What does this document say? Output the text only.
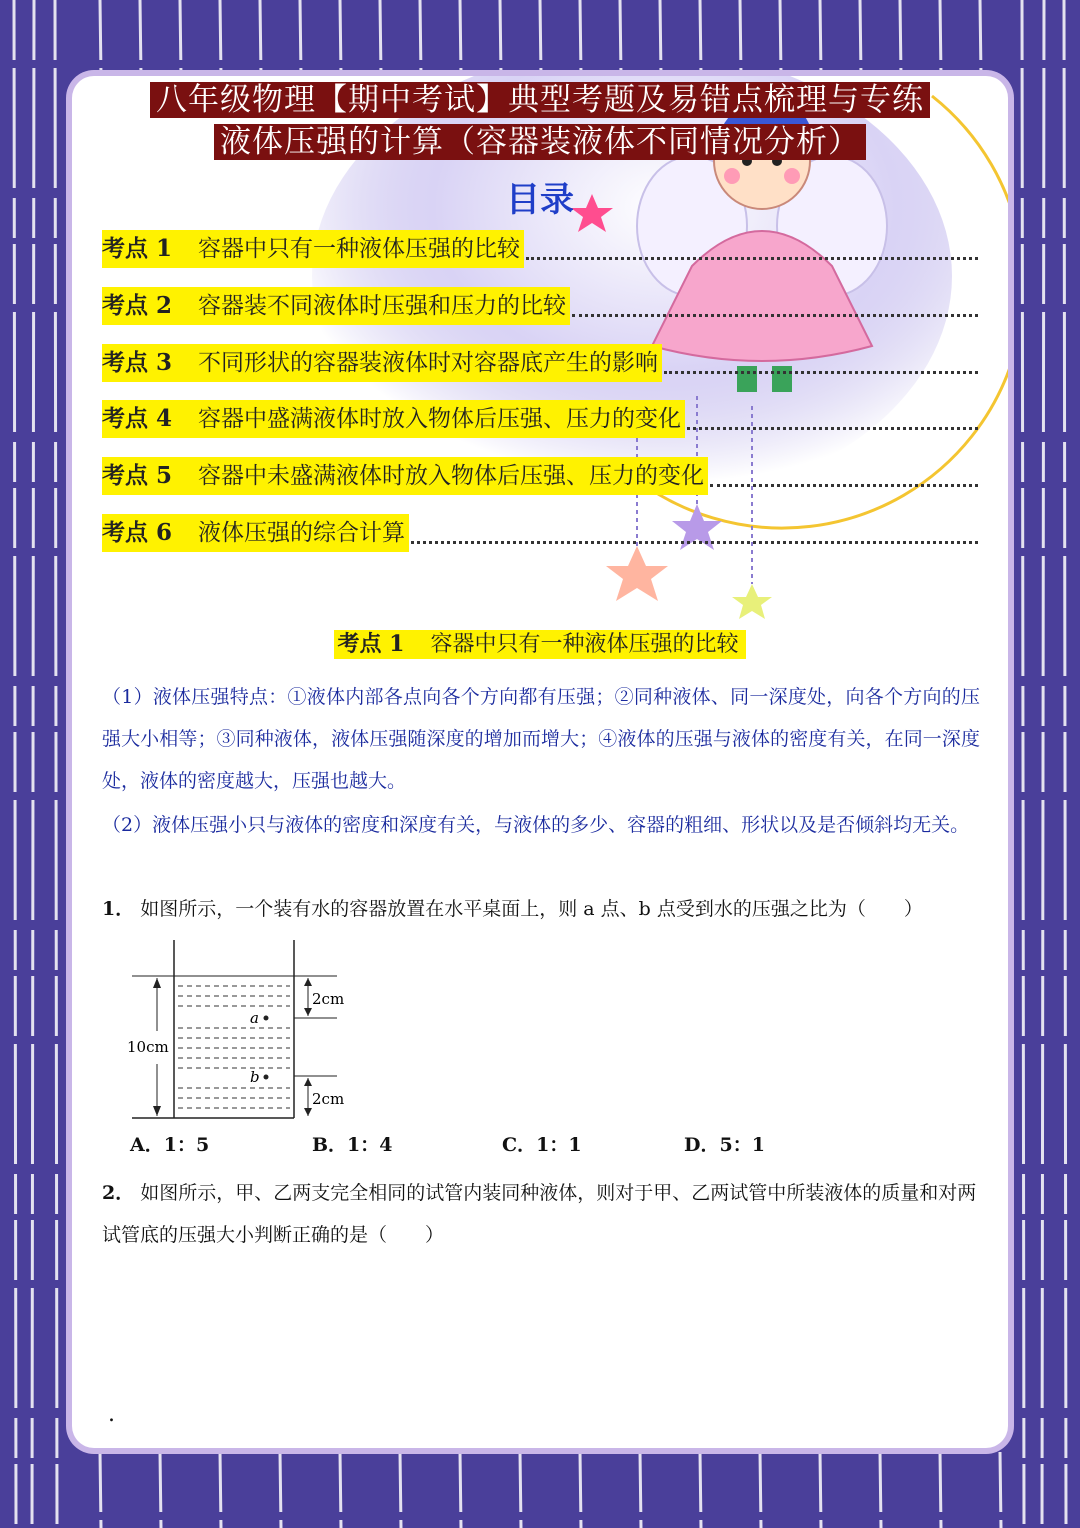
八年级物理【期中考试】典型考题及易错点梳理与专练
液体压强的计算（容器装液体不同情况分析）
目录
考点 1 容器中只有一种液体压强的比较
考点 2 容器装不同液体时压强和压力的比较
考点 3 不同形状的容器装液体时对容器底产生的影响
考点 4 容器中盛满液体时放入物体后压强、压力的变化
考点 5 容器中未盛满液体时放入物体后压强、压力的变化
考点 6 液体压强的综合计算
考点 1 容器中只有一种液体压强的比较
（1）液体压强特点：①液体内部各点向各个方向都有压强；②同种液体、同一深度处，向各个方向的压强大小相等；③同种液体，液体压强随深度的增加而增大；④液体的压强与液体的密度有关，在同一深度处，液体的密度越大，压强也越大。
（2）液体压强小只与液体的密度和深度有关，与液体的多少、容器的粗细、形状以及是否倾斜均无关。
1． 如图所示，一个装有水的容器放置在水平桌面上，则 a 点、b 点受到水的压强之比为（　　）
10cm
2cm
2cm
a
b
A．1：5	B．1：4	C．1：1	D．5：1
2． 如图所示，甲、乙两支完全相同的试管内装同种液体，则对于甲、乙两试管中所装液体的质量和对两试管底的压强大小判断正确的是（　　）
.
